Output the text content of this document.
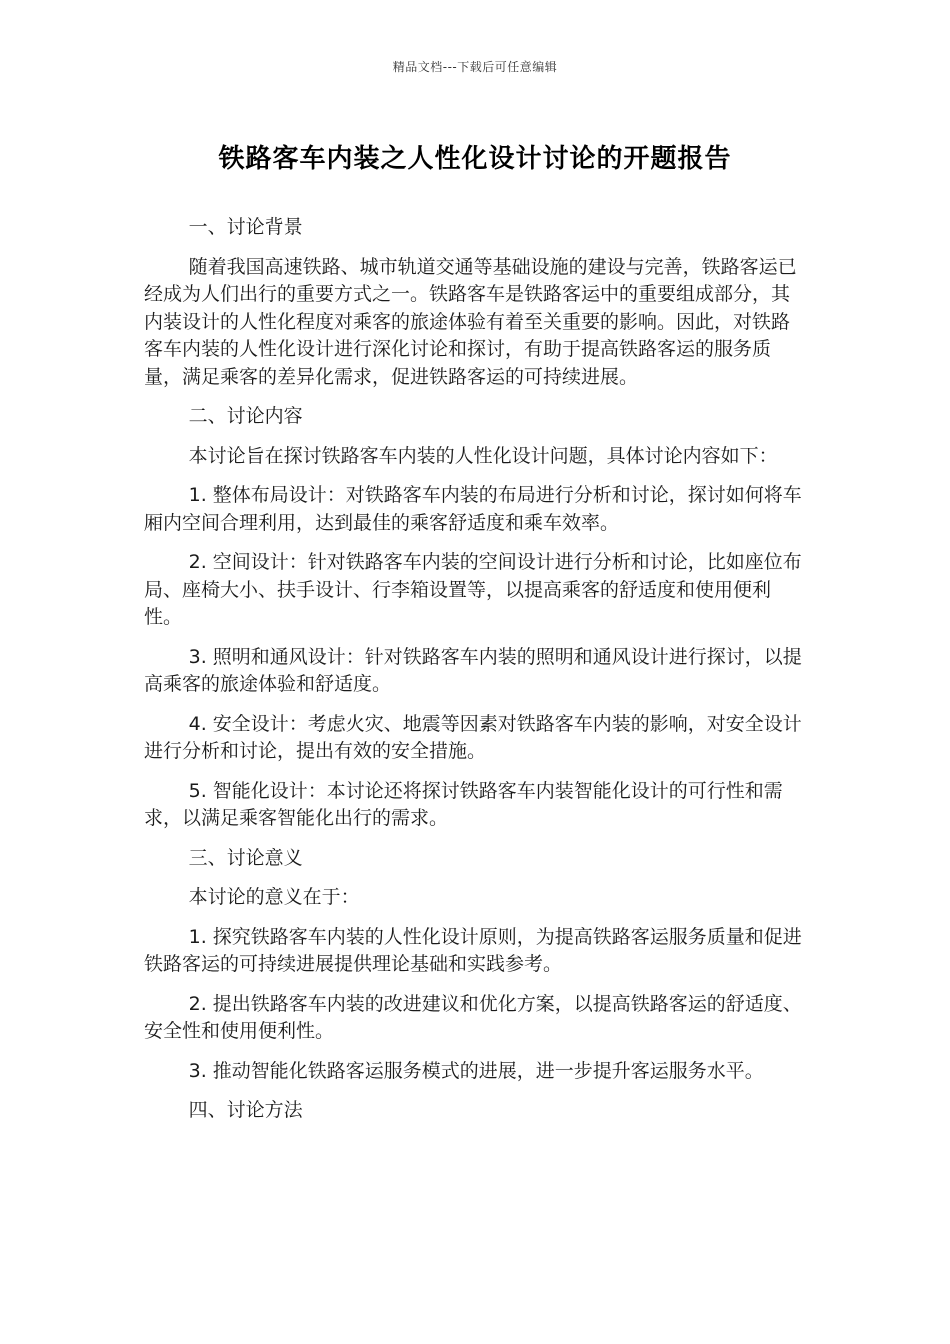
精品文档---下载后可任意编辑
铁路客车内装之人性化设计讨论的开题报告

一、讨论背景

随着我国高速铁路、城市轨道交通等基础设施的建设与完善，铁路客运已经成为人们出行的重要方式之一。铁路客车是铁路客运中的重要组成部分，其内装设计的人性化程度对乘客的旅途体验有着至关重要的影响。因此，对铁路客车内装的人性化设计进行深化讨论和探讨，有助于提高铁路客运的服务质量，满足乘客的差异化需求，促进铁路客运的可持续进展。

二、讨论内容

本讨论旨在探讨铁路客车内装的人性化设计问题，具体讨论内容如下：

1. 整体布局设计：对铁路客车内装的布局进行分析和讨论，探讨如何将车厢内空间合理利用，达到最佳的乘客舒适度和乘车效率。

2. 空间设计：针对铁路客车内装的空间设计进行分析和讨论，比如座位布局、座椅大小、扶手设计、行李箱设置等，以提高乘客的舒适度和使用便利性。

3. 照明和通风设计：针对铁路客车内装的照明和通风设计进行探讨，以提高乘客的旅途体验和舒适度。

4. 安全设计：考虑火灾、地震等因素对铁路客车内装的影响，对安全设计进行分析和讨论，提出有效的安全措施。

5. 智能化设计：本讨论还将探讨铁路客车内装智能化设计的可行性和需求，以满足乘客智能化出行的需求。

三、讨论意义

本讨论的意义在于：

1. 探究铁路客车内装的人性化设计原则，为提高铁路客运服务质量和促进铁路客运的可持续进展提供理论基础和实践参考。

2. 提出铁路客车内装的改进建议和优化方案，以提高铁路客运的舒适度、安全性和使用便利性。

3. 推动智能化铁路客运服务模式的进展，进一步提升客运服务水平。

四、讨论方法
